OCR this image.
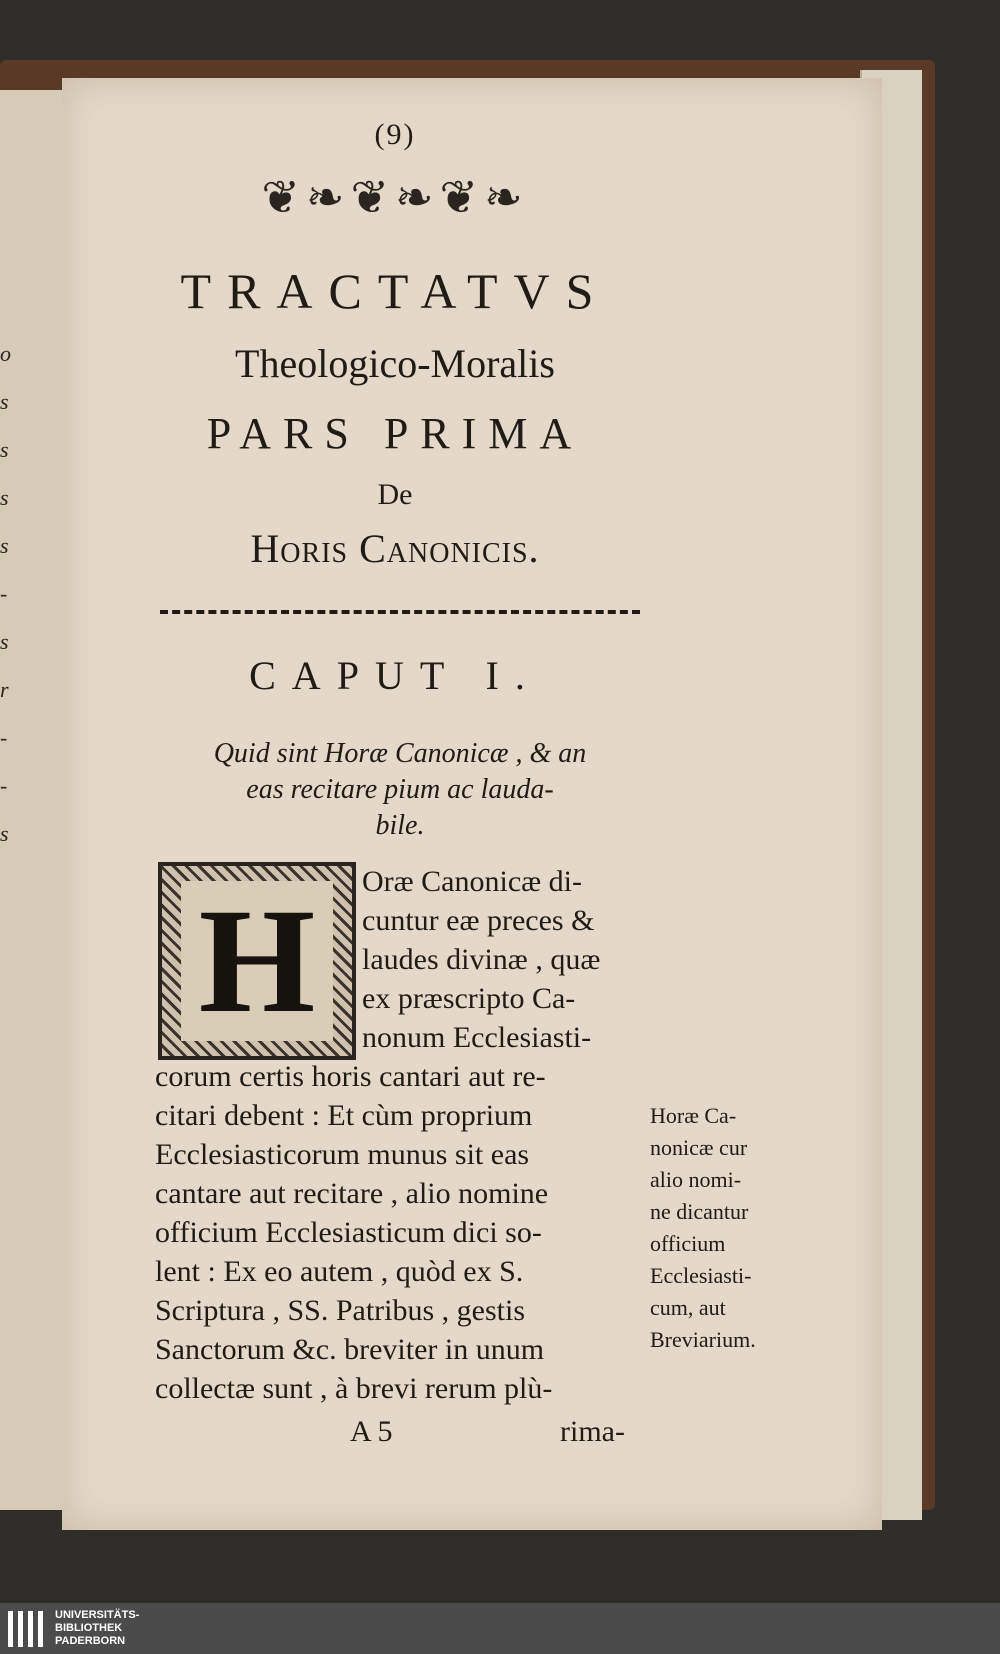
o
s
s
s
s
-
s
r
-
-
s
(9)
❦❧❦❧❦❧
TRACTATVS
Theologico-Moralis
PARS PRIMA
De
Horis Canonicis.
CAPUT I.
Quid sint Horæ Canonicæ , & an
eas recitare pium ac lauda-
bile.
H	Oræ Canonicæ di-
cuntur eæ preces &
laudes divinæ , quæ
ex præscripto Ca-
nonum Ecclesiasti-
corum certis horis cantari aut re-
citari debent : Et cùm proprium
Ecclesiasticorum munus sit eas
cantare aut recitare , alio nomine
officium Ecclesiasticum dici so-
lent : Ex eo autem , quòd ex S.
Scriptura , SS. Patribus , gestis
Sanctorum &c. breviter in unum
collectæ sunt , à brevi rerum plù-
A 5	rima-
Horæ Ca-
nonicæ cur
alio nomi-
ne dicantur
officium
Ecclesiasti-
cum, aut
Breviarium.
UNIVERSITÄTS-
BIBLIOTHEK
PADERBORN
